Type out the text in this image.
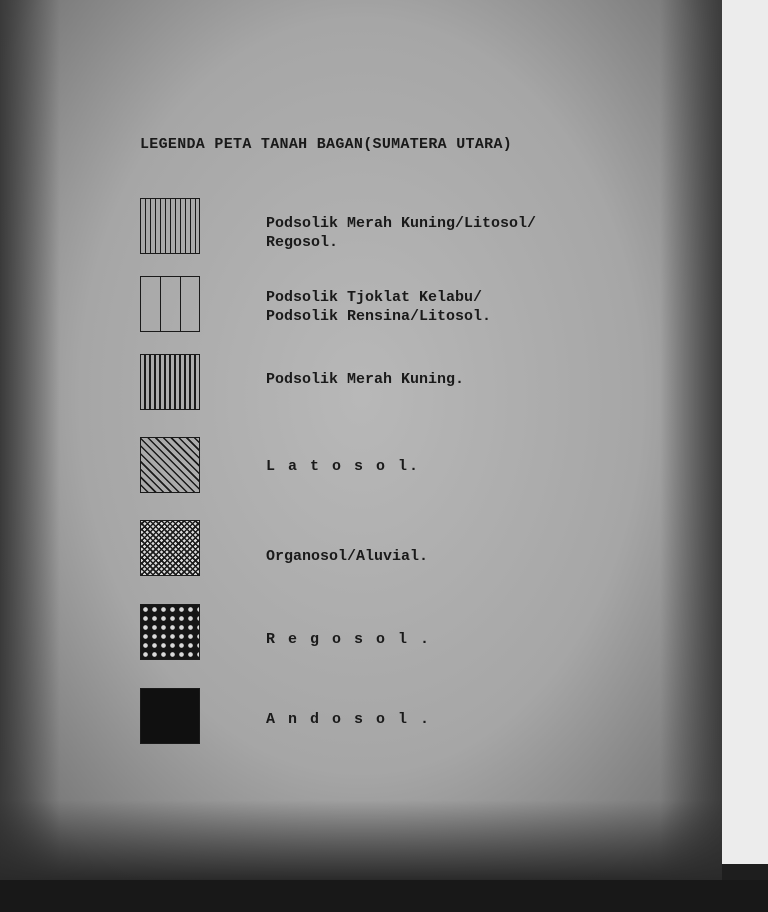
LEGENDA PETA TANAH BAGAN(SUMATERA UTARA)
Podsolik Merah Kuning/Litosol/
Regosol.
Podsolik Tjoklat Kelabu/
Podsolik Rensina/Litosol.
Podsolik Merah Kuning.
L a t o s o l.
Organosol/Aluvial.
R e g o s o l .
A n d o s o l .
